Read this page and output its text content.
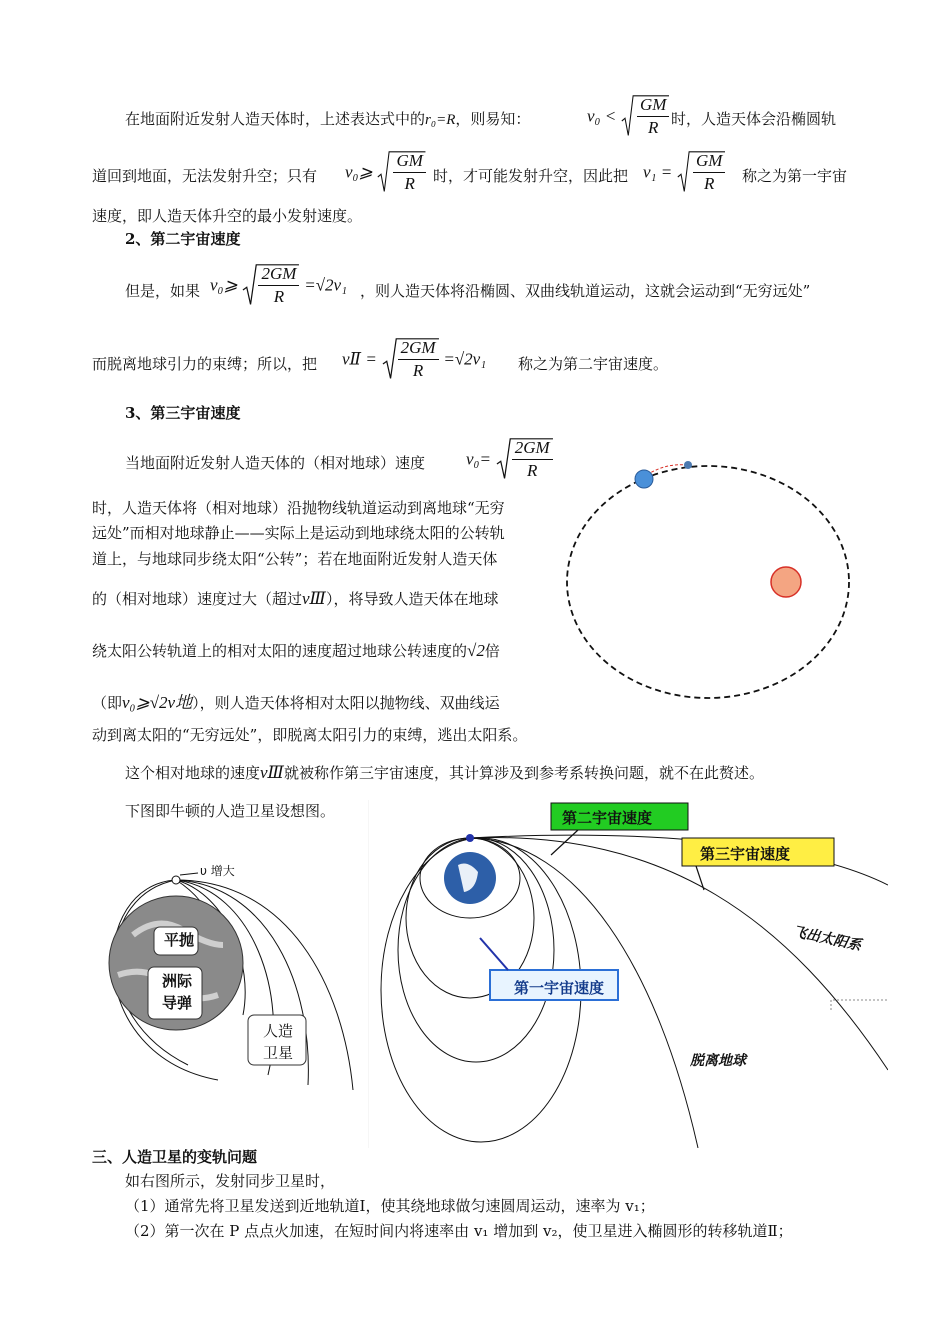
在地面附近发射人造天体时，上述表达式中的r₀=R，则易知：	$v_0 < \frac{GM}{R}$ 时，人造天体会沿椭圆轨
道回到地面，无法发射升空；只有 v₀⩾ $\frac{GM}{R}$ 时，才可能发射升空，因此把 $v_1 = \frac{GM}{R}$ 称之为第一宇宙
速度，即人造天体升空的最小发射速度。
2、第二宇宙速度
但是，如果 v₀⩾ $\frac{2GM}{R} =√2v_1$ ，则人造天体将沿椭圆、双曲线轨道运动，这就会运动到“无穷远处”
而脱离地球引力的束缚；所以，把 vⅡ = $\frac{2GM}{R} =√2v_1$ 称之为第二宇宙速度。
3、第三宇宙速度
当地面附近发射人造天体的（相对地球）速度 $v_0= \frac{2GM}{R}$
时，人造天体将（相对地球）沿抛物线轨道运动到离地球“无穷
远处”而相对地球静止——实际上是运动到地球绕太阳的公转轨
道上，与地球同步绕太阳“公转”；若在地面附近发射人造天体
的（相对地球）速度过大（超过vⅢ），将导致人造天体在地球
绕太阳公转轨道上的相对太阳的速度超过地球公转速度的√2倍
（即v₀⩾√2v地），则人造天体将相对太阳以抛物线、双曲线运
动到离太阳的“无穷远处”，即脱离太阳引力的束缚，逃出太阳系。
这个相对地球的速度vⅢ就被称作第三宇宙速度，其计算涉及到参考系转换问题，就不在此赘述。
下图即牛顿的人造卫星设想图。
υ 增大
平抛
洲际
导弹
人造
卫星
第二宇宙速度
第三宇宙速度
第一宇宙速度
飞出太阳系
脱离地球
三、人造卫星的变轨问题
如右图所示，发射同步卫星时，
（1）通常先将卫星发送到近地轨道Ⅰ，使其绕地球做匀速圆周运动，速率为 v₁；
（2）第一次在 P 点点火加速，在短时间内将速率由 v₁ 增加到 v₂，使卫星进入椭圆形的转移轨道Ⅱ；
